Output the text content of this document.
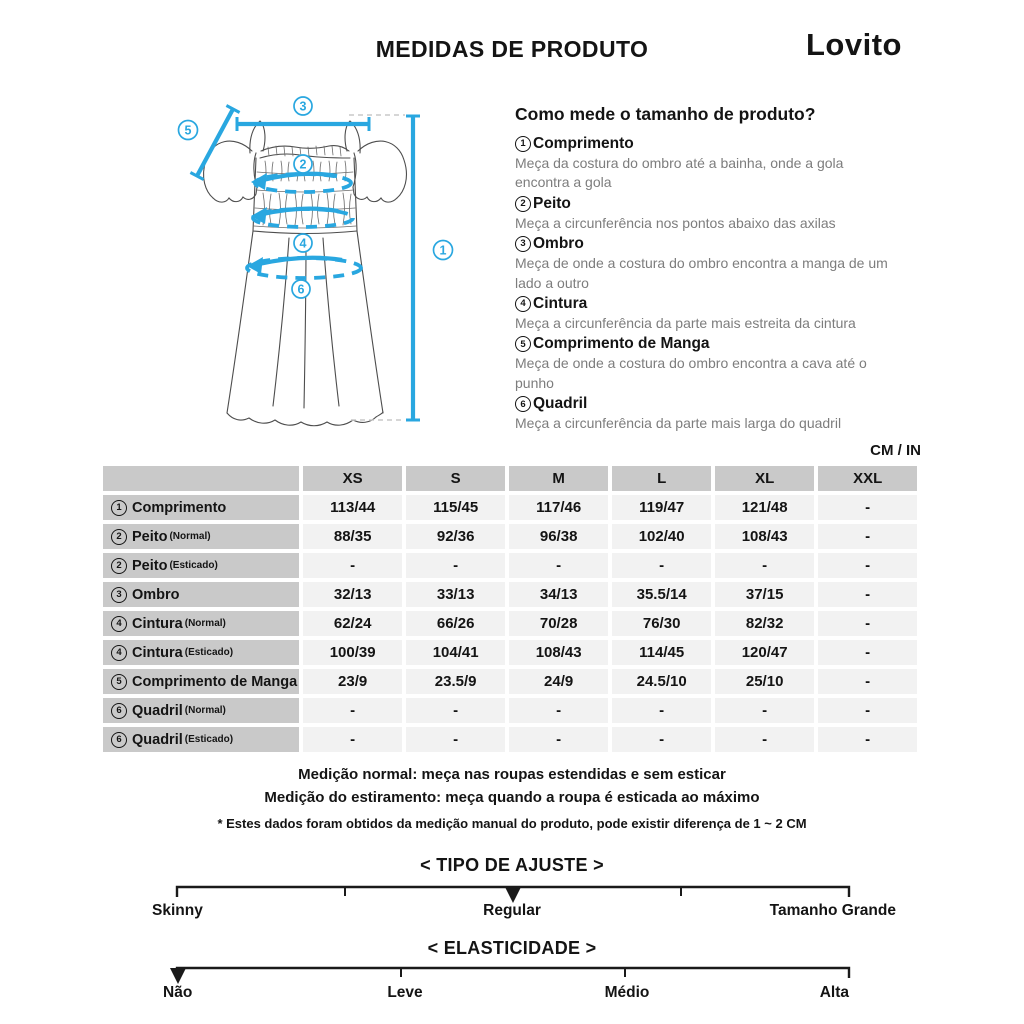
MEDIDAS DE PRODUTO	Lovito
3
5
2
4
6
1
Como mede o tamanho de produto?
1 Comprimento
Meça da costura do ombro até a bainha, onde a gola encontra a gola
2 Peito
Meça a circunferência nos pontos abaixo das axilas
3 Ombro
Meça de onde a costura do ombro encontra a manga de um lado a outro
4 Cintura
Meça a circunferência da parte mais estreita da cintura
5 Comprimento de Manga
Meça de onde a costura do ombro encontra a cava até o punho
6 Quadril
Meça a circunferência da parte mais larga do quadril
CM / IN
	XS	S	M	L	XL	XXL

1 Comprimento	113/44	115/45	117/46	119/47	121/48	-

2 Peito (Normal)	88/35	92/36	96/38	102/40	108/43	-

2 Peito (Esticado)	-	-	-	-	-	-

3 Ombro	32/13	33/13	34/13	35.5/14	37/15	-

4 Cintura (Normal)	62/24	66/26	70/28	76/30	82/32	-

4 Cintura (Esticado)	100/39	104/41	108/43	114/45	120/47	-

5 Comprimento de Manga	23/9	23.5/9	24/9	24.5/10	25/10	-

6 Quadril (Normal)	-	-	-	-	-	-

6 Quadril (Esticado)	-	-	-	-	-	-
Medição normal: meça nas roupas estendidas e sem esticar
Medição do estiramento: meça quando a roupa é esticada ao máximo
* Estes dados foram obtidos da medição manual do produto, pode existir diferença de 1 ~ 2 CM
< TIPO DE AJUSTE >
Skinny	Regular	Tamanho Grande
< ELASTICIDADE >
Não	Leve	Médio	Alta
